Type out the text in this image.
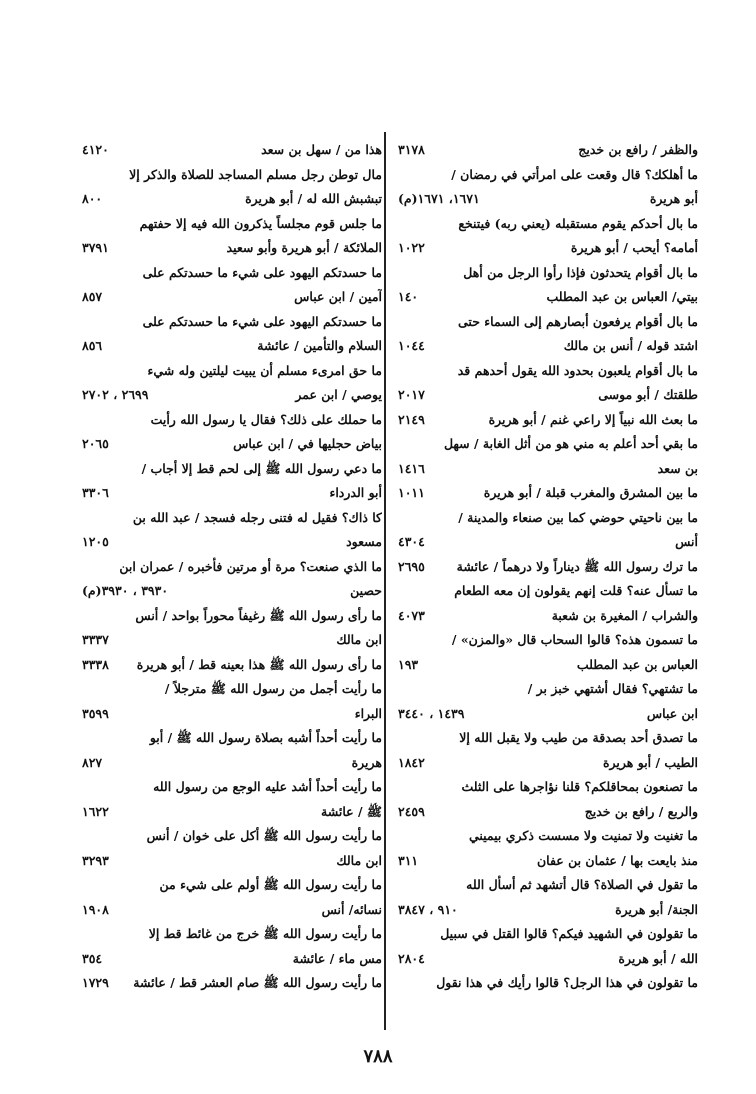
والظفر / رافع بن خديج
٣١٧٨
ما أهلكك؟ قال وقعت على امرأتي في رمضان /
أبو هريرة
١٦٧١، ١٦٧١(م)
ما بال أحدكم يقوم مستقبله (يعني ربه) فيتنخع
أمامه؟ أيحب / أبو هريرة
١٠٢٢
ما بال أقوام يتحدثون فإذا رأوا الرجل من أهل
بيتي/ العباس بن عبد المطلب
١٤٠
ما بال أقوام يرفعون أبصارهم إلى السماء حتى
اشتد قوله / أنس بن مالك
١٠٤٤
ما بال أقوام يلعبون بحدود الله يقول أحدهم قد
طلقتك / أبو موسى
٢٠١٧
ما بعث الله نبياً إلا راعي غنم / أبو هريرة
٢١٤٩
ما بقي أحد أعلم به مني هو من أثل الغابة / سهل
بن سعد
١٤١٦
ما بين المشرق والمغرب قبلة / أبو هريرة
١٠١١
ما بين ناحيتي حوضي كما بين صنعاء والمدينة /
أنس
٤٣٠٤
ما ترك رسول الله ﷺ ديناراً ولا درهماً / عائشة
٢٦٩٥
ما تسأل عنه؟ قلت إنهم يقولون إن معه الطعام
والشراب / المغيرة بن شعبة
٤٠٧٣
ما تسمون هذه؟ قالوا السحاب قال «والمزن» /
العباس بن عبد المطلب
١٩٣
ما تشتهي؟ فقال أشتهي خبز بر /
ابن عباس
١٤٣٩ ، ٣٤٤٠
ما تصدق أحد بصدقة من طيب ولا يقبل الله إلا
الطيب / أبو هريرة
١٨٤٢
ما تصنعون بمحاقلكم؟ قلنا نؤاجرها على الثلث
والربع / رافع بن خديج
٢٤٥٩
ما تغنيت ولا تمنيت ولا مسست ذكري بيميني
منذ بايعت بها / عثمان بن عفان
٣١١
ما تقول في الصلاة؟ قال أتشهد ثم أسأل الله
الجنة/ أبو هريرة
٩١٠ ، ٣٨٤٧
ما تقولون في الشهيد فيكم؟ قالوا القتل في سبيل
الله / أبو هريرة
٢٨٠٤
ما تقولون في هذا الرجل؟ قالوا رأيك في هذا نقول
هذا من / سهل بن سعد
٤١٢٠
مال توطن رجل مسلم المساجد للصلاة والذكر إلا
تبشبش الله له / أبو هريرة
٨٠٠
ما جلس قوم مجلساً يذكرون الله فيه إلا حفتهم
الملائكة / أبو هريرة وأبو سعيد
٣٧٩١
ما حسدتكم اليهود على شيء ما حسدتكم على
آمين / ابن عباس
٨٥٧
ما حسدتكم اليهود على شيء ما حسدتكم على
السلام والتأمين / عائشة
٨٥٦
ما حق امرىء مسلم أن يبيت ليلتين وله شيء
يوصي / ابن عمر
٢٦٩٩ ، ٢٧٠٢
ما حملك على ذلك؟ فقال يا رسول الله رأيت
بياض حجليها في / ابن عباس
٢٠٦٥
ما دعي رسول الله ﷺ إلى لحم قط إلا أجاب /
أبو الدرداء
٣٣٠٦
كا ذاك؟ فقيل له فتنى رجله فسجد / عبد الله بن
مسعود
١٢٠٥
ما الذي صنعت؟ مرة أو مرتين فأخبره / عمران ابن
حصين
٣٩٣٠ ، ٣٩٣٠(م)
ما رأى رسول الله ﷺ رغيفاً محوراً بواحد / أنس
ابن مالك
٣٣٣٧
ما رأى رسول الله ﷺ هذا بعينه قط / أبو هريرة
٣٣٣٨
ما رأيت أجمل من رسول الله ﷺ مترجلاً /
البراء
٣٥٩٩
ما رأيت أحداً أشبه بصلاة رسول الله ﷺ / أبو
هريرة
٨٢٧
ما رأيت أحداً أشد عليه الوجع من رسول الله
ﷺ / عائشة
١٦٢٢
ما رأيت رسول الله ﷺ أكل على خوان / أنس
ابن مالك
٣٢٩٣
ما رأيت رسول الله ﷺ أولم على شيء من
نسائه/ أنس
١٩٠٨
ما رأيت رسول الله ﷺ خرج من غائط قط إلا
مس ماء / عائشة
٣٥٤
ما رأيت رسول الله ﷺ صام العشر قط / عائشة
١٧٢٩
٧٨٨
